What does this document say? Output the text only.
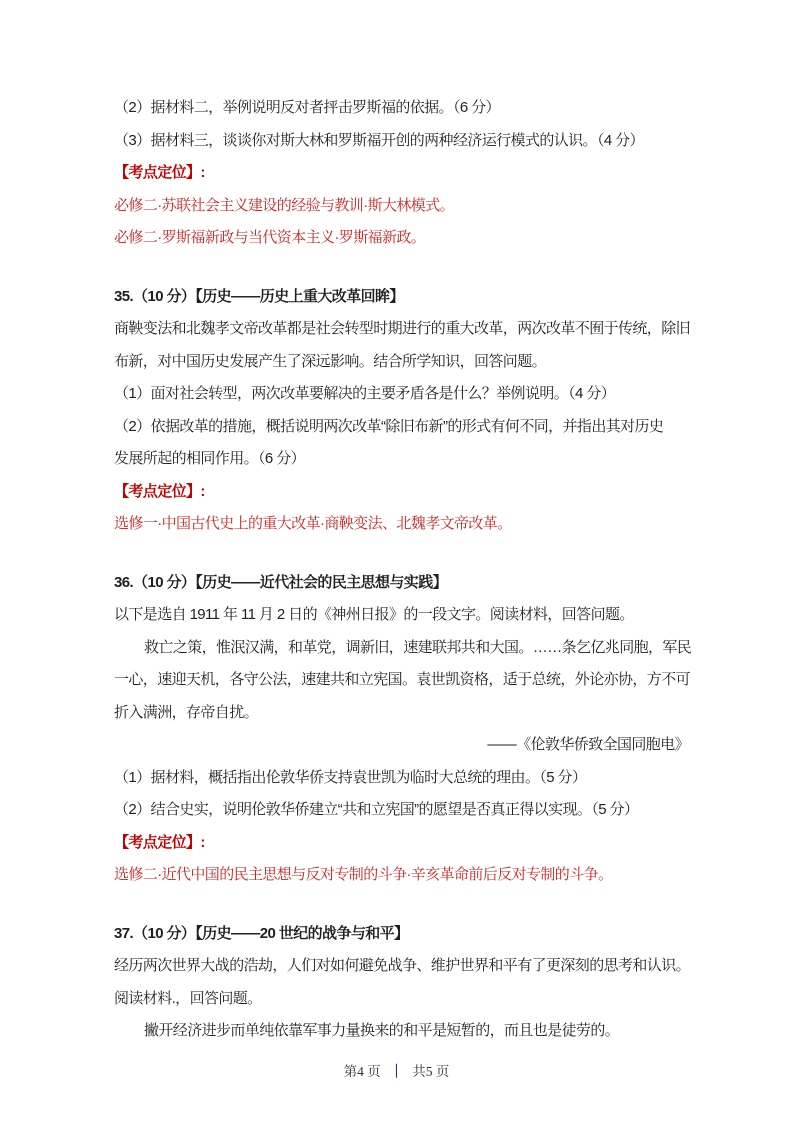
（2）据材料二，举例说明反对者抨击罗斯福的依据。（6 分）
（3）据材料三，谈谈你对斯大林和罗斯福开创的两种经济运行模式的认识。（4 分）
【考点定位】:
必修二·苏联社会主义建设的经验与教训·斯大林模式。
必修二·罗斯福新政与当代资本主义·罗斯福新政。
35.（10 分）【历史——历史上重大改革回眸】
商鞅变法和北魏孝文帝改革都是社会转型时期进行的重大改革，两次改革不囿于传统，除旧
布新，对中国历史发展产生了深远影响。结合所学知识，回答问题。
（1）面对社会转型，两次改革要解决的主要矛盾各是什么？举例说明。（4 分）
（2）依据改革的措施，概括说明两次改革“除旧布新”的形式有何不同，并指出其对历史
发展所起的相同作用。（6 分）
【考点定位】:
选修一·中国古代史上的重大改革·商鞅变法、北魏孝文帝改革。
36.（10 分）【历史——近代社会的民主思想与实践】
以下是选自 1911 年 11 月 2 日的《神州日报》的一段文字。阅读材料，回答问题。
救亡之策，惟泯汉满，和革党，调新旧，速建联邦共和大国。……条乞亿兆同胞，军民
一心，速迎天机，各守公法，速建共和立宪国。袁世凯资格，适于总统，外论亦协，方不可
折入满洲，存帝自扰。
——《伦敦华侨致全国同胞电》
（1）据材料，概括指出伦敦华侨支持袁世凯为临时大总统的理由。（5 分）
（2）结合史实，说明伦敦华侨建立“共和立宪国”的愿望是否真正得以实现。（5 分）
【考点定位】:
选修二·近代中国的民主思想与反对专制的斗争·辛亥革命前后反对专制的斗争。
37.（10 分）【历史——20 世纪的战争与和平】
经历两次世界大战的浩劫，人们对如何避免战争、维护世界和平有了更深刻的思考和认识。
阅读材料.，回答问题。
撇开经济进步而单纯依靠军事力量换来的和平是短暂的，而且也是徒劳的。
第4 页 ｜ 共5 页
